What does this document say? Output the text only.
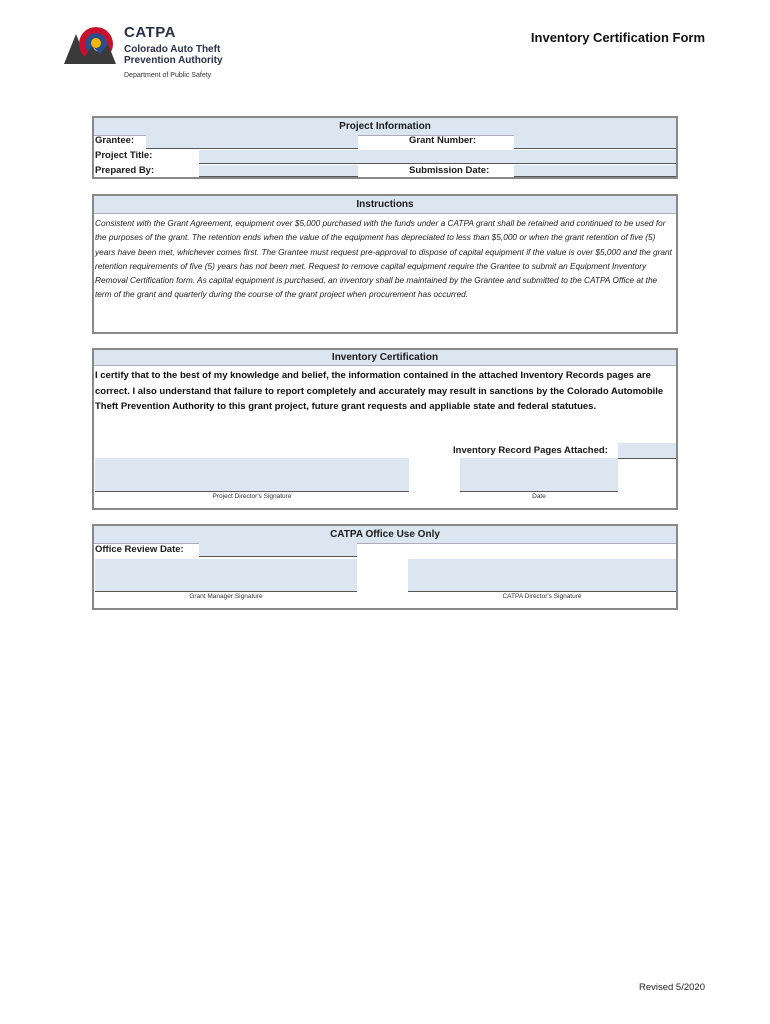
CATPA
Colorado Auto Theft
Prevention Authority
Department of Public Safety
Inventory Certification Form
Project Information
Grantee:	Grant Number:
Project Title:
Prepared By:	Submission Date:
Instructions
Consistent with the Grant Agreement, equipment over $5,000 purchased with the funds under a CATPA grant shall be retained and continued to be used for the purposes of the grant. The retention ends when the value of the equipment has depreciated to less than $5,000 or when the grant retention of five (5) years have been met, whichever comes first. The Grantee must request pre-approval to dispose of capital equipment if the value is over $5,000 and the grant retention requirements of five (5) years has not been met. Request to remove capital equipment require the Grantee to submit an Equipment Inventory Removal Certification form. As capital equipment is purchased, an inventory shall be maintained by the Grantee and submitted to the CATPA Office at the term of the grant and quarterly during the course of the grant project when procurement has occurred.
Inventory Certification
I certify that to the best of my knowledge and belief, the information contained in the attached Inventory Records pages are correct. I also understand that failure to report completely and accurately may result in sanctions by the Colorado Automobile Theft Prevention Authority to this grant project, future grant requests and appliable state and federal statutues.
Inventory Record Pages Attached:
Project Director's Signature	Date
CATPA Office Use Only
Office Review Date:
Grant Manager Signature	CATPA Director's Signature
Revised 5/2020
